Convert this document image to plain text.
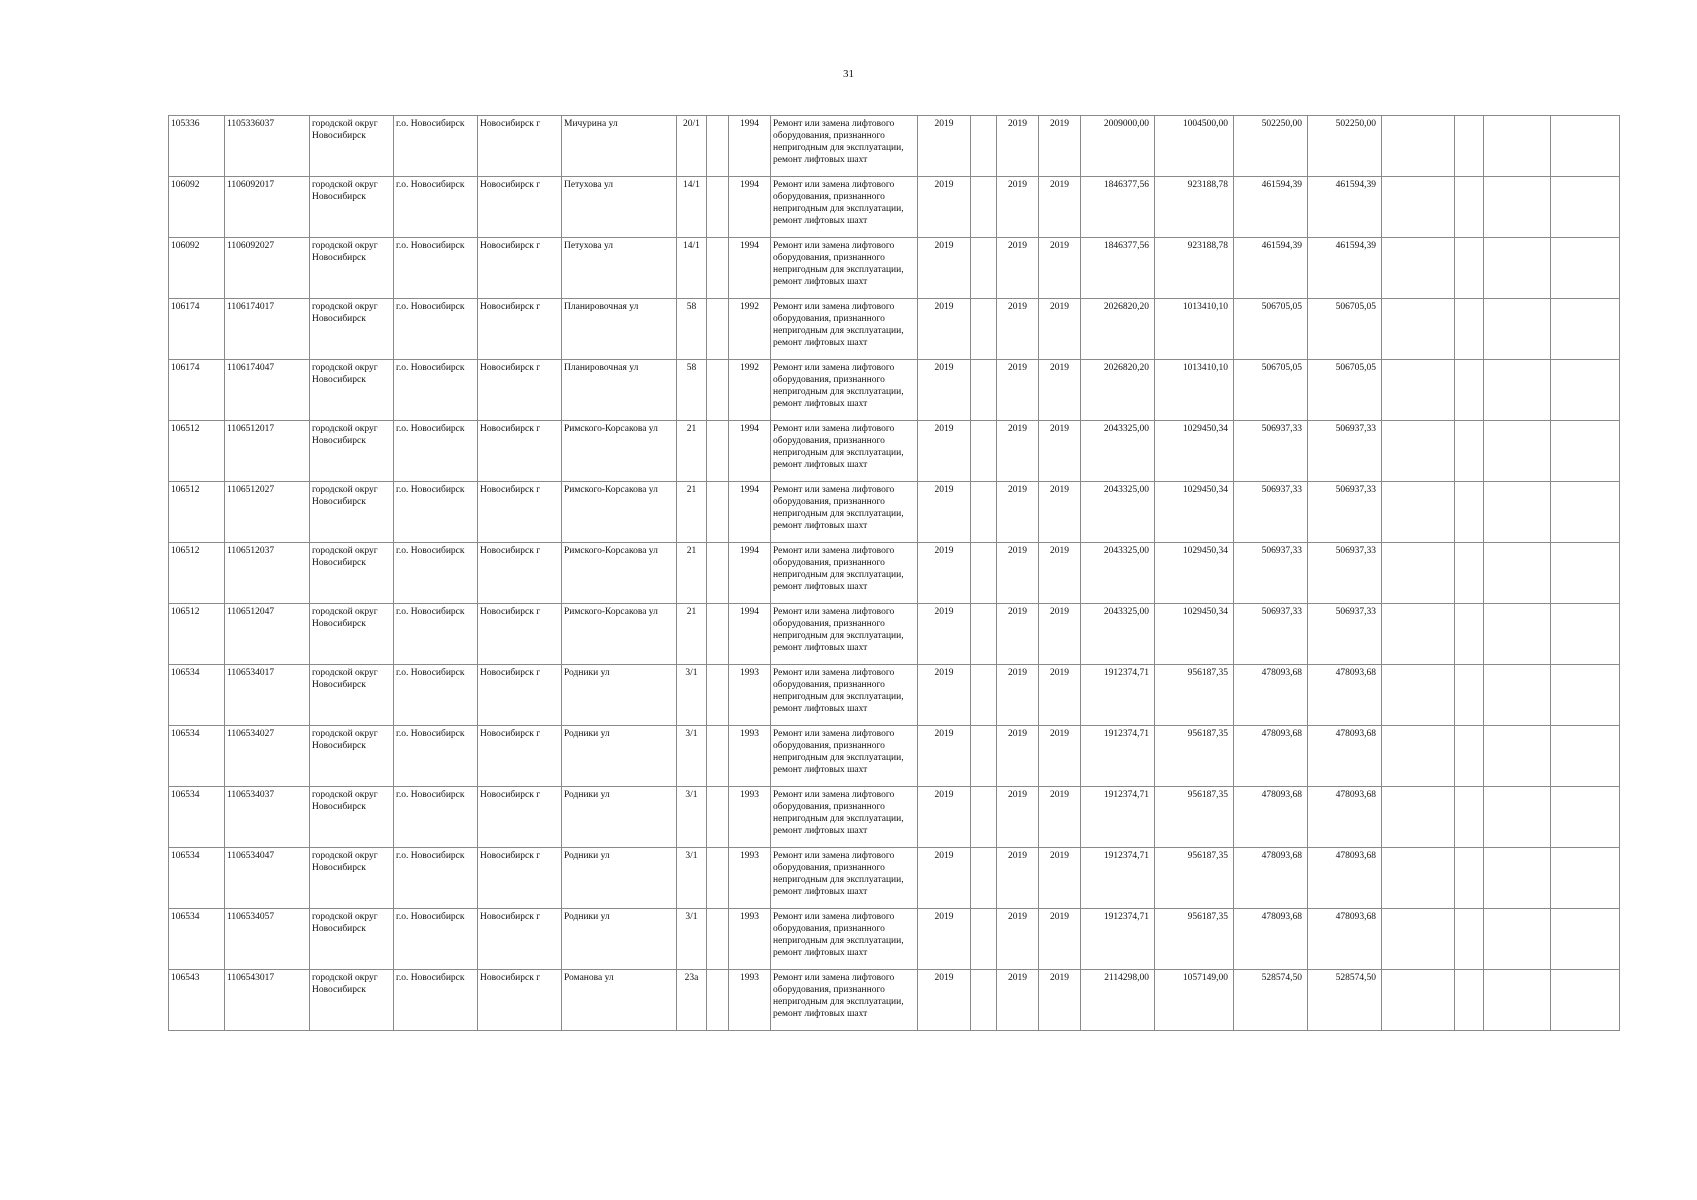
31
105336	1105336037	городской округ Новосибирск	г.о. Новосибирск	Новосибирск г	Мичурина ул	20/1		1994	Ремонт или замена лифтового оборудования, признанного непригодным для эксплуатации, ремонт лифтовых шахт	2019		2019	2019	2009000,00	1004500,00	502250,00	502250,00				
106092	1106092017	городской округ Новосибирск	г.о. Новосибирск	Новосибирск г	Петухова ул	14/1		1994	Ремонт или замена лифтового оборудования, признанного непригодным для эксплуатации, ремонт лифтовых шахт	2019		2019	2019	1846377,56	923188,78	461594,39	461594,39				
106092	1106092027	городской округ Новосибирск	г.о. Новосибирск	Новосибирск г	Петухова ул	14/1		1994	Ремонт или замена лифтового оборудования, признанного непригодным для эксплуатации, ремонт лифтовых шахт	2019		2019	2019	1846377,56	923188,78	461594,39	461594,39				
106174	1106174017	городской округ Новосибирск	г.о. Новосибирск	Новосибирск г	Планировочная ул	58		1992	Ремонт или замена лифтового оборудования, признанного непригодным для эксплуатации, ремонт лифтовых шахт	2019		2019	2019	2026820,20	1013410,10	506705,05	506705,05				
106174	1106174047	городской округ Новосибирск	г.о. Новосибирск	Новосибирск г	Планировочная ул	58		1992	Ремонт или замена лифтового оборудования, признанного непригодным для эксплуатации, ремонт лифтовых шахт	2019		2019	2019	2026820,20	1013410,10	506705,05	506705,05				
106512	1106512017	городской округ Новосибирск	г.о. Новосибирск	Новосибирск г	Римского-Корсакова ул	21		1994	Ремонт или замена лифтового оборудования, признанного непригодным для эксплуатации, ремонт лифтовых шахт	2019		2019	2019	2043325,00	1029450,34	506937,33	506937,33				
106512	1106512027	городской округ Новосибирск	г.о. Новосибирск	Новосибирск г	Римского-Корсакова ул	21		1994	Ремонт или замена лифтового оборудования, признанного непригодным для эксплуатации, ремонт лифтовых шахт	2019		2019	2019	2043325,00	1029450,34	506937,33	506937,33				
106512	1106512037	городской округ Новосибирск	г.о. Новосибирск	Новосибирск г	Римского-Корсакова ул	21		1994	Ремонт или замена лифтового оборудования, признанного непригодным для эксплуатации, ремонт лифтовых шахт	2019		2019	2019	2043325,00	1029450,34	506937,33	506937,33				
106512	1106512047	городской округ Новосибирск	г.о. Новосибирск	Новосибирск г	Римского-Корсакова ул	21		1994	Ремонт или замена лифтового оборудования, признанного непригодным для эксплуатации, ремонт лифтовых шахт	2019		2019	2019	2043325,00	1029450,34	506937,33	506937,33				
106534	1106534017	городской округ Новосибирск	г.о. Новосибирск	Новосибирск г	Родники ул	3/1		1993	Ремонт или замена лифтового оборудования, признанного непригодным для эксплуатации, ремонт лифтовых шахт	2019		2019	2019	1912374,71	956187,35	478093,68	478093,68				
106534	1106534027	городской округ Новосибирск	г.о. Новосибирск	Новосибирск г	Родники ул	3/1		1993	Ремонт или замена лифтового оборудования, признанного непригодным для эксплуатации, ремонт лифтовых шахт	2019		2019	2019	1912374,71	956187,35	478093,68	478093,68				
106534	1106534037	городской округ Новосибирск	г.о. Новосибирск	Новосибирск г	Родники ул	3/1		1993	Ремонт или замена лифтового оборудования, признанного непригодным для эксплуатации, ремонт лифтовых шахт	2019		2019	2019	1912374,71	956187,35	478093,68	478093,68				
106534	1106534047	городской округ Новосибирск	г.о. Новосибирск	Новосибирск г	Родники ул	3/1		1993	Ремонт или замена лифтового оборудования, признанного непригодным для эксплуатации, ремонт лифтовых шахт	2019		2019	2019	1912374,71	956187,35	478093,68	478093,68				
106534	1106534057	городской округ Новосибирск	г.о. Новосибирск	Новосибирск г	Родники ул	3/1		1993	Ремонт или замена лифтового оборудования, признанного непригодным для эксплуатации, ремонт лифтовых шахт	2019		2019	2019	1912374,71	956187,35	478093,68	478093,68				
106543	1106543017	городской округ Новосибирск	г.о. Новосибирск	Новосибирск г	Романова ул	23а		1993	Ремонт или замена лифтового оборудования, признанного непригодным для эксплуатации, ремонт лифтовых шахт	2019		2019	2019	2114298,00	1057149,00	528574,50	528574,50				
